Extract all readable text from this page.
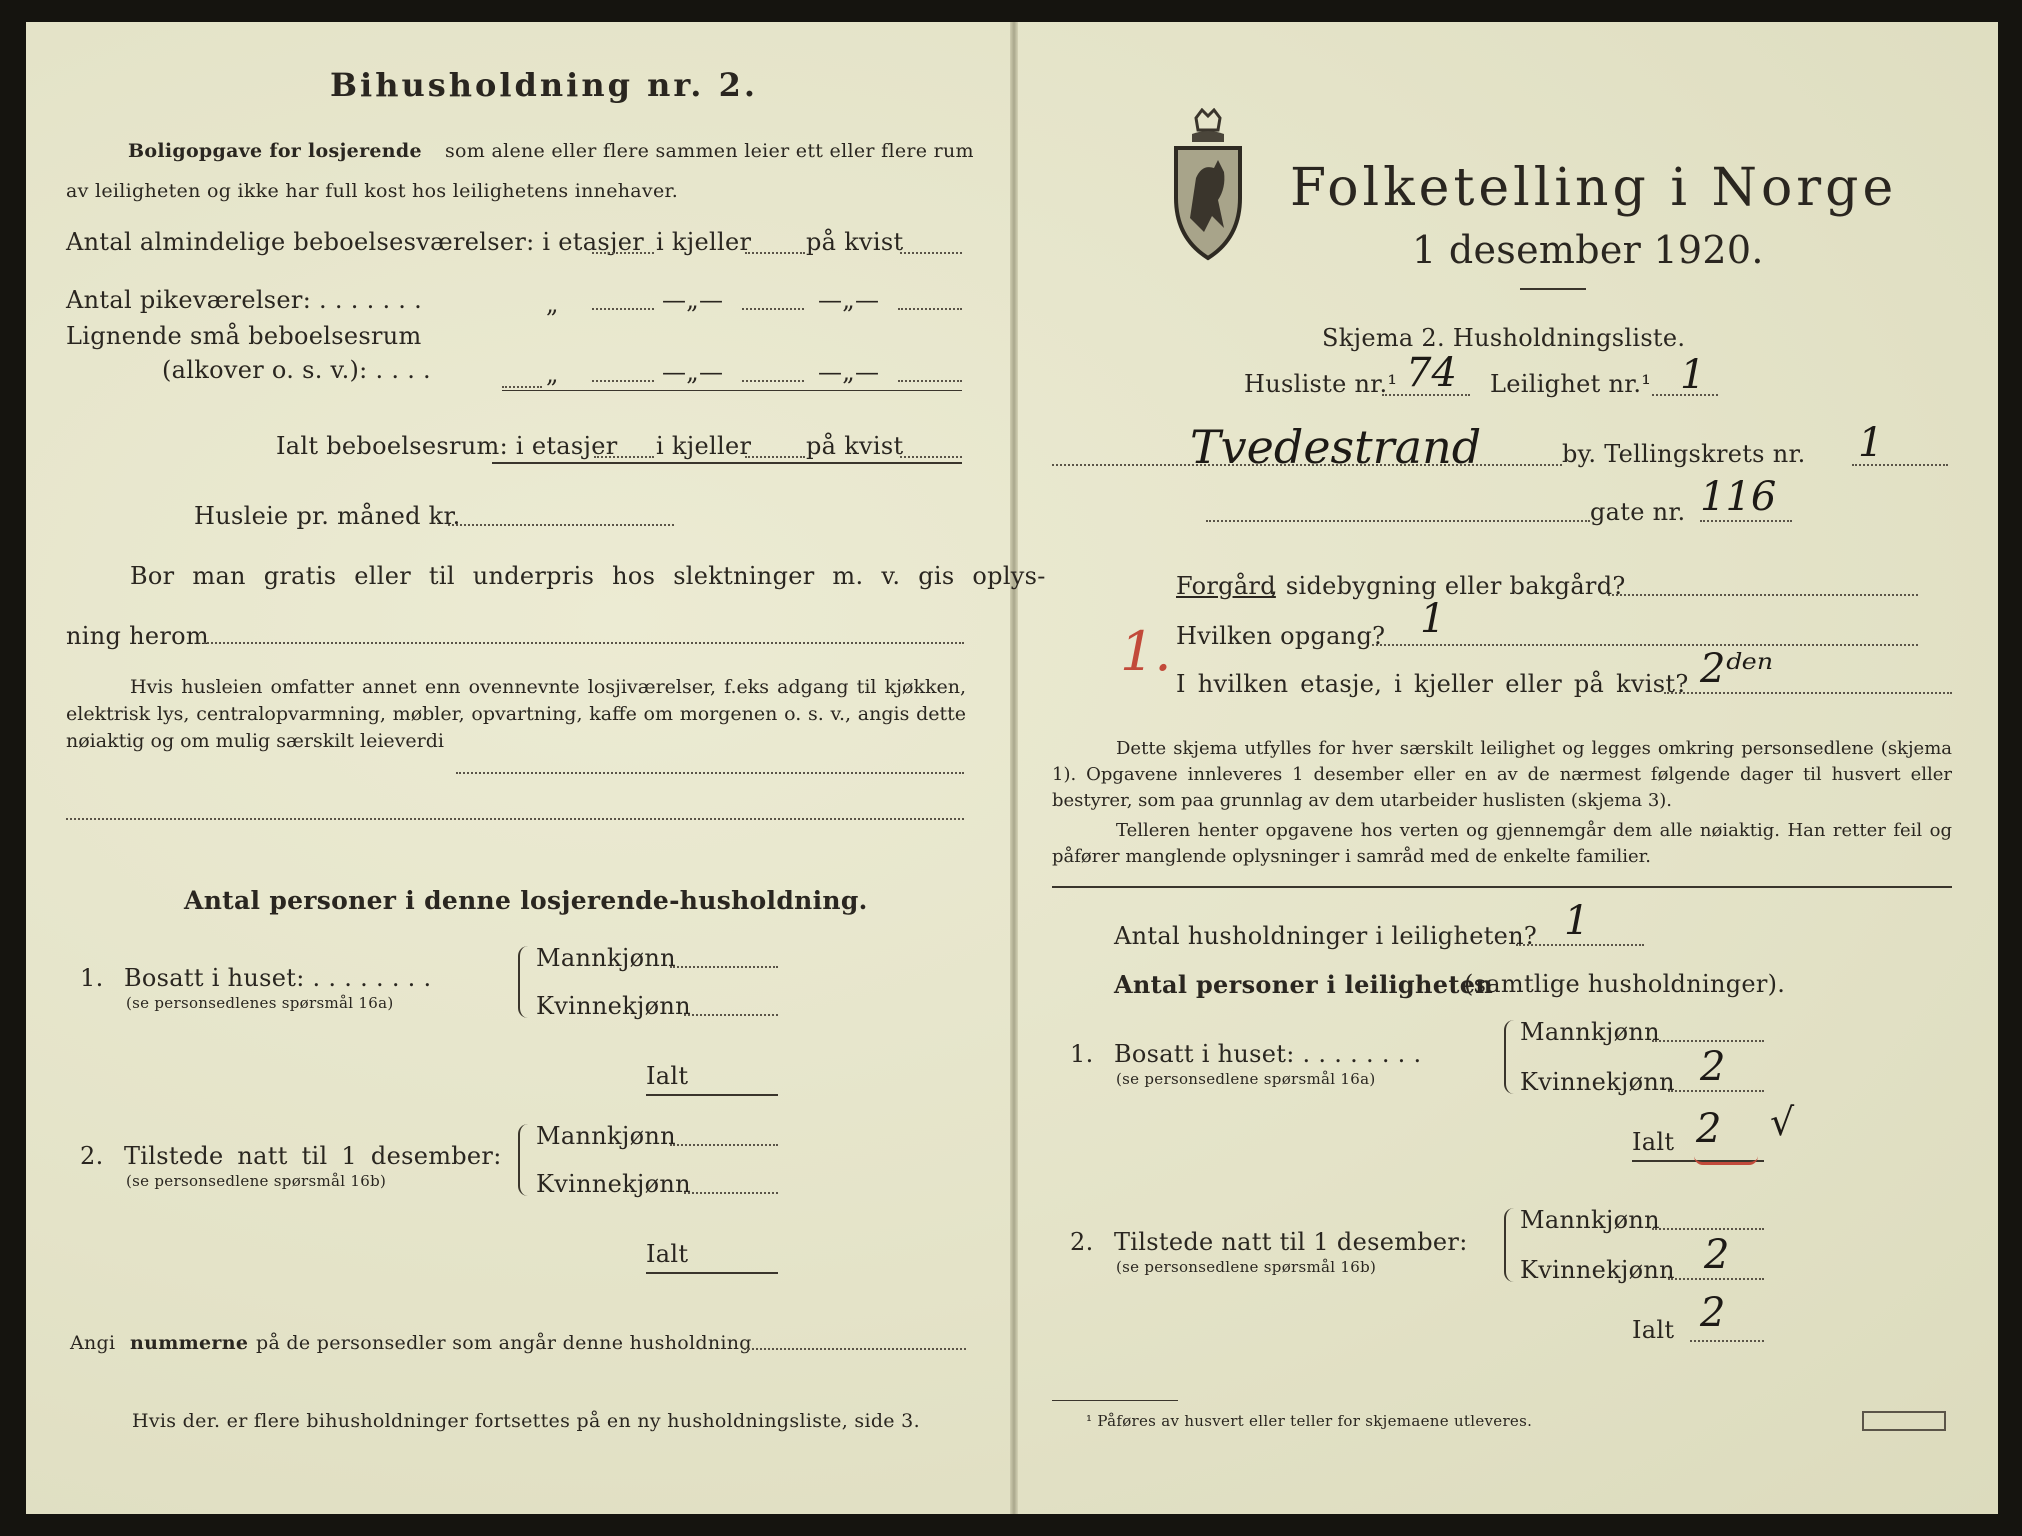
Bihusholdning nr. 2.
Boligopgave for losjerende som alene eller flere sammen leier ett eller flere rum
av leiligheten og ikke har full kost hos leilighetens innehaver.
Antal almindelige beboelsesværelser: i etasjer i kjeller på kvist
Antal pikeværelser: . . . . . . .	„	—„—	—„—
Lignende små beboelsesrum
(alkover o. s. v.): . . . .	„	—„—	—„—
Ialt beboelsesrum: i etasjer i kjeller på kvist
Husleie pr. måned kr.
Bor man gratis eller til underpris hos slektninger m. v. gis oplys-
ning herom
Hvis husleien omfatter annet enn ovennevnte losjiværelser, f.eks adgang til kjøkken, elektrisk lys, centralopvarmning, møbler, opvartning, kaffe om morgenen o. s. v., angis dette nøiaktig og om mulig særskilt leieverdi
Antal personer i denne losjerende-husholdning.
1. Bosatt i huset: . . . . . . . .
(se personsedlenes spørsmål 16a)
Mannkjønn
Kvinnekjønn
Ialt
2. Tilstede natt til 1 desember:
(se personsedlene spørsmål 16b)
Mannkjønn
Kvinnekjønn
Ialt
Angi nummerne på de personsedler som angår denne husholdning
Hvis der. er flere bihusholdninger fortsettes på en ny husholdningsliste, side 3.
Folketelling i Norge
1 desember 1920.
Skjema 2. Husholdningsliste.
Husliste nr.¹ 74 Leilighet nr.¹ 1
Tvedestrand	by. Tellingskrets nr. 1
gate nr. 116
Forgård
, sidebygning eller bakgård?
Hvilken opgang? 1
1.
I hvilken etasje, i kjeller eller på kvist? 2ᵈᵉⁿ
Dette skjema utfylles for hver særskilt leilighet og legges omkring personsedlene (skjema 1). Opgavene innleveres 1 desember eller en av de nærmest følgende dager til husvert eller bestyrer, som paa grunnlag av dem utarbeider huslisten (skjema 3).
Telleren henter opgavene hos verten og gjennemgår dem alle nøiaktig. Han retter feil og påfører manglende oplysninger i samråd med de enkelte familier.
Antal husholdninger i leiligheten? 1
Antal personer i leiligheten
(samtlige husholdninger).
1. Bosatt i huset: . . . . . . . .
(se personsedlene spørsmål 16a)
Mannkjønn
Kvinnekjønn 2
Ialt 2 √
2. Tilstede natt til 1 desember:
(se personsedlene spørsmål 16b)
Mannkjønn
Kvinnekjønn 2
Ialt 2
¹ Påføres av husvert eller teller for skjemaene utleveres.
